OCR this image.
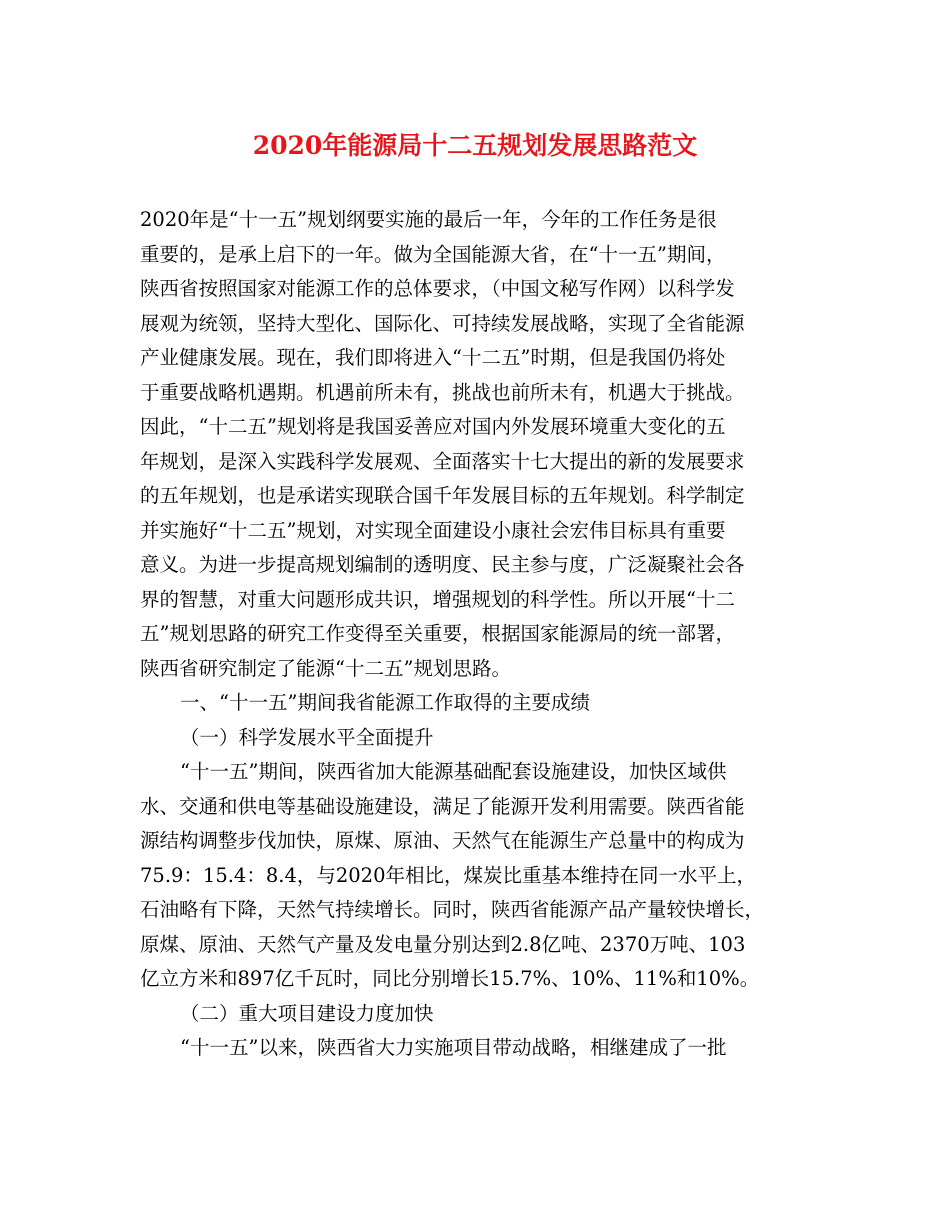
2020年能源局十二五规划发展思路范文
2020年是“十一五”规划纲要实施的最后一年，今年的工作任务是很
重要的，是承上启下的一年。做为全国能源大省，在“十一五”期间，
陕西省按照国家对能源工作的总体要求，（中国文秘写作网）以科学发
展观为统领，坚持大型化、国际化、可持续发展战略，实现了全省能源
产业健康发展。现在，我们即将进入“十二五”时期，但是我国仍将处
于重要战略机遇期。机遇前所未有，挑战也前所未有，机遇大于挑战。
因此，“十二五”规划将是我国妥善应对国内外发展环境重大变化的五
年规划，是深入实践科学发展观、全面落实十七大提出的新的发展要求
的五年规划，也是承诺实现联合国千年发展目标的五年规划。科学制定
并实施好“十二五”规划，对实现全面建设小康社会宏伟目标具有重要
意义。为进一步提高规划编制的透明度、民主参与度，广泛凝聚社会各
界的智慧，对重大问题形成共识，增强规划的科学性。所以开展“十二
五”规划思路的研究工作变得至关重要，根据国家能源局的统一部署，
陕西省研究制定了能源“十二五”规划思路。
一、“十一五”期间我省能源工作取得的主要成绩
（一）科学发展水平全面提升
“十一五”期间，陕西省加大能源基础配套设施建设，加快区域供
水、交通和供电等基础设施建设，满足了能源开发利用需要。陕西省能
源结构调整步伐加快，原煤、原油、天然气在能源生产总量中的构成为
75.9：15.4：8.4，与2020年相比，煤炭比重基本维持在同一水平上，
石油略有下降，天然气持续增长。同时，陕西省能源产品产量较快增长，
原煤、原油、天然气产量及发电量分别达到2.8亿吨、2370万吨、103
亿立方米和897亿千瓦时，同比分别增长15.7%、10%、11%和10%。
（二）重大项目建设力度加快
“十一五”以来，陕西省大力实施项目带动战略，相继建成了一批
